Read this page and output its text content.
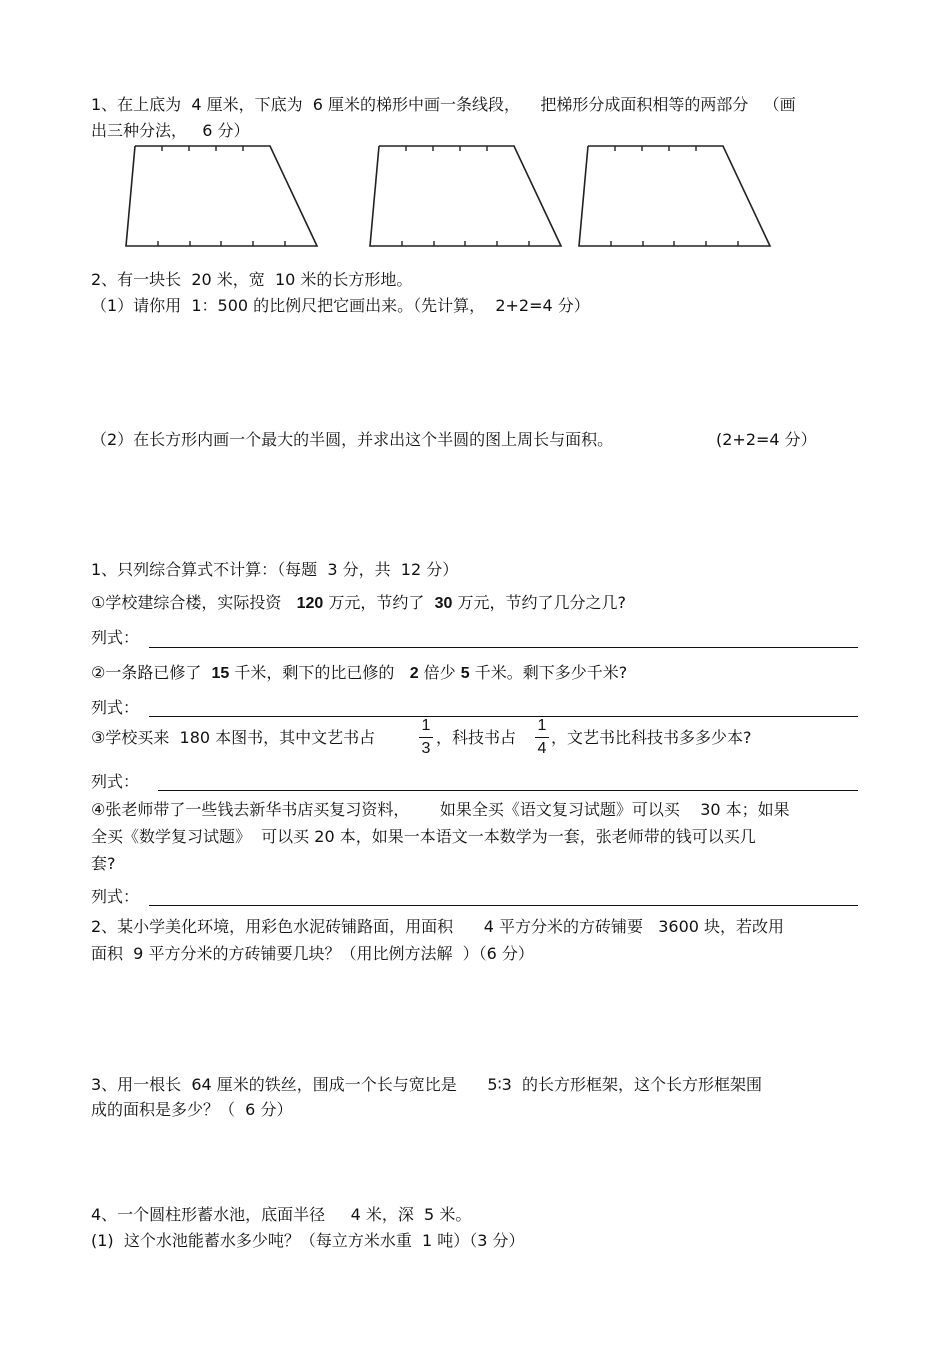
1、在上底为  4 厘米，下底为  6 厘米的梯形中画一条线段，    把梯形分成面积相等的两部分   （画
出三种分法，   6 分）
2、有一块长  20 米，宽  10 米的长方形地。
（1）请你用  1：500 的比例尺把它画出来。（先计算，  2+2=4 分）
（2）在长方形内画一个最大的半圆，并求出这个半圆的图上周长与面积。	(2+2=4 分）
1、只列综合算式不计算：（每题  3 分，共  12 分）
①学校建综合楼，实际投资   120 万元，节约了  30 万元，节约了几分之几?
列式：
②一条路已修了  15 千米，剩下的比已修的   2 倍少 5 千米。剩下多少千米?
列式：
③学校买来  180 本图书，其中文艺书占
1
3
，科技书占
1
4
，文艺书比科技书多多少本?
列式：
④张老师带了一些钱去新华书店买复习资料，      如果全买《语文复习试题》可以买    30 本；如果
全买《数学复习试题》  可以买 20 本，如果一本语文一本数学为一套，张老师带的钱可以买几
套?
列式：
2、某小学美化环境，用彩色水泥砖铺路面，用面积      4 平方分米的方砖铺要   3600 块，若改用
面积  9 平方分米的方砖铺要几块？（用比例方法解  ）（6 分）
3、用一根长  64 厘米的铁丝，围成一个长与宽比是      5∶3  的长方形框架，这个长方形框架围
成的面积是多少？（  6 分）
4、一个圆柱形蓄水池，底面半径     4 米，深  5 米。
(1)  这个水池能蓄水多少吨？（每立方米水重  1 吨）（3 分）
